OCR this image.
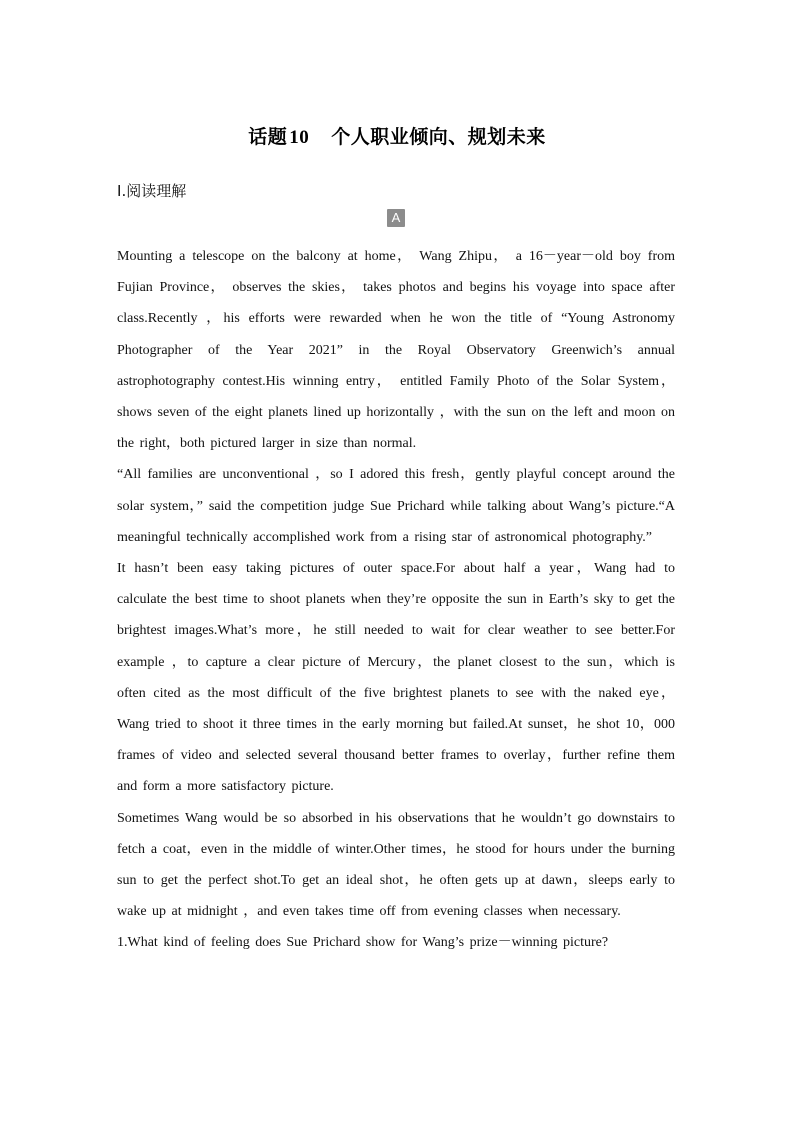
话题 10 个人职业倾向、规划未来
Ⅰ.阅读理解
A

Mounting a telescope on the balcony at home， Wang Zhipu， a 16－year－old boy from Fujian Province， observes the skies， takes photos and begins his voyage into space after class.Recently ，his efforts were rewarded when he won the title of “Young Astronomy Photographer of the Year 2021” in the Royal Observatory Greenwich’s annual astrophotography contest.His winning entry， entitled Family Photo of the Solar System，shows seven of the eight planets lined up horizontally ，with the sun on the left and moon on the right，both pictured larger in size than normal.

“All families are unconventional ，so I adored this fresh，gently playful concept around the solar system，” said the competition judge Sue Prichard while talking about Wang’s picture.“A meaningful technically accomplished work from a rising star of astronomical photography.”

It hasn’t been easy taking pictures of outer space.For about half a year，Wang had to calculate the best time to shoot planets when they’re opposite the sun in Earth’s sky to get the brightest images.What’s more，he still needed to wait for clear weather to see better.For example ，to capture a clear picture of Mercury，the planet closest to the sun，which is often cited as the most difficult of the five brightest planets to see with the naked eye， Wang tried to shoot it three times in the early morning but failed.At sunset，he shot 10，000 frames of video and selected several thousand better frames to overlay，further refine them and form a more satisfactory picture.

Sometimes Wang would be so absorbed in his observations that he wouldn’t go downstairs to fetch a coat，even in the middle of winter.Other times，he stood for hours under the burning sun to get the perfect shot.To get an ideal shot，he often gets up at dawn，sleeps early to wake up at midnight ，and even takes time off from evening classes when necessary.

1.What kind of feeling does Sue Prichard show for Wang’s prize－winning picture?
